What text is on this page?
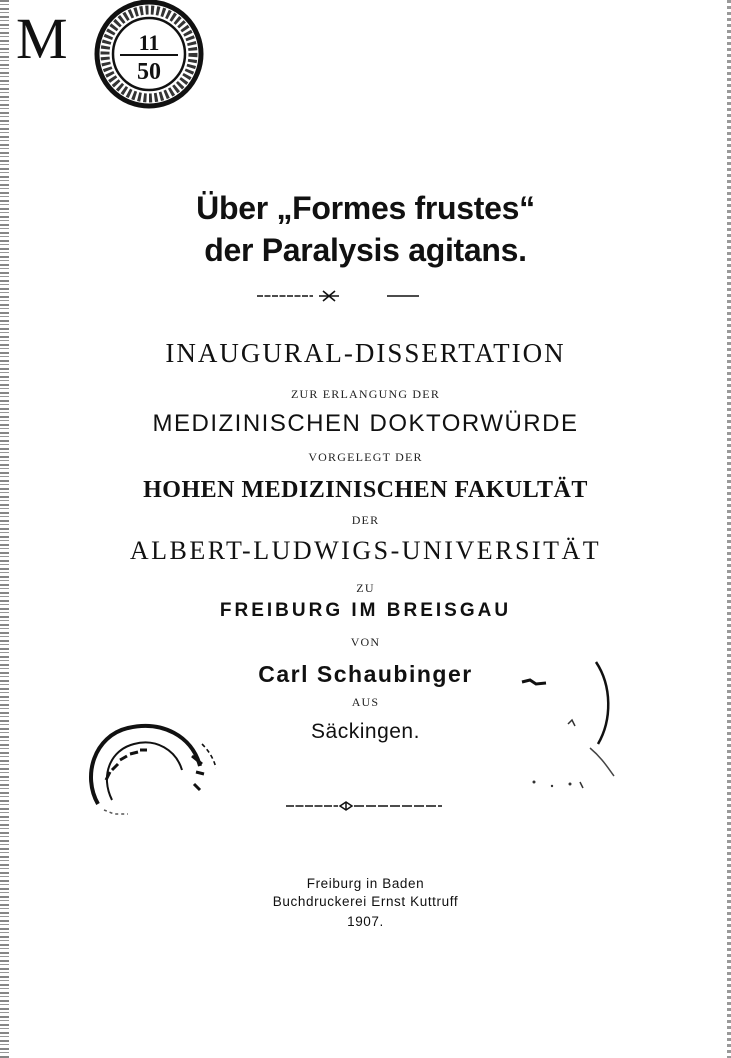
M	11
50
Über „Formes frustes“
der Paralysis agitans.
INAUGURAL-DISSERTATION
ZUR ERLANGUNG DER
MEDIZINISCHEN DOKTORWÜRDE
VORGELEGT DER
HOHEN MEDIZINISCHEN FAKULTÄT
DER
ALBERT-LUDWIGS-UNIVERSITÄT
ZU
FREIBURG IM BREISGAU
VON
Carl Schaubinger
AUS
Säckingen.
Freiburg in Baden
Buchdruckerei Ernst Kuttruff
1907.
